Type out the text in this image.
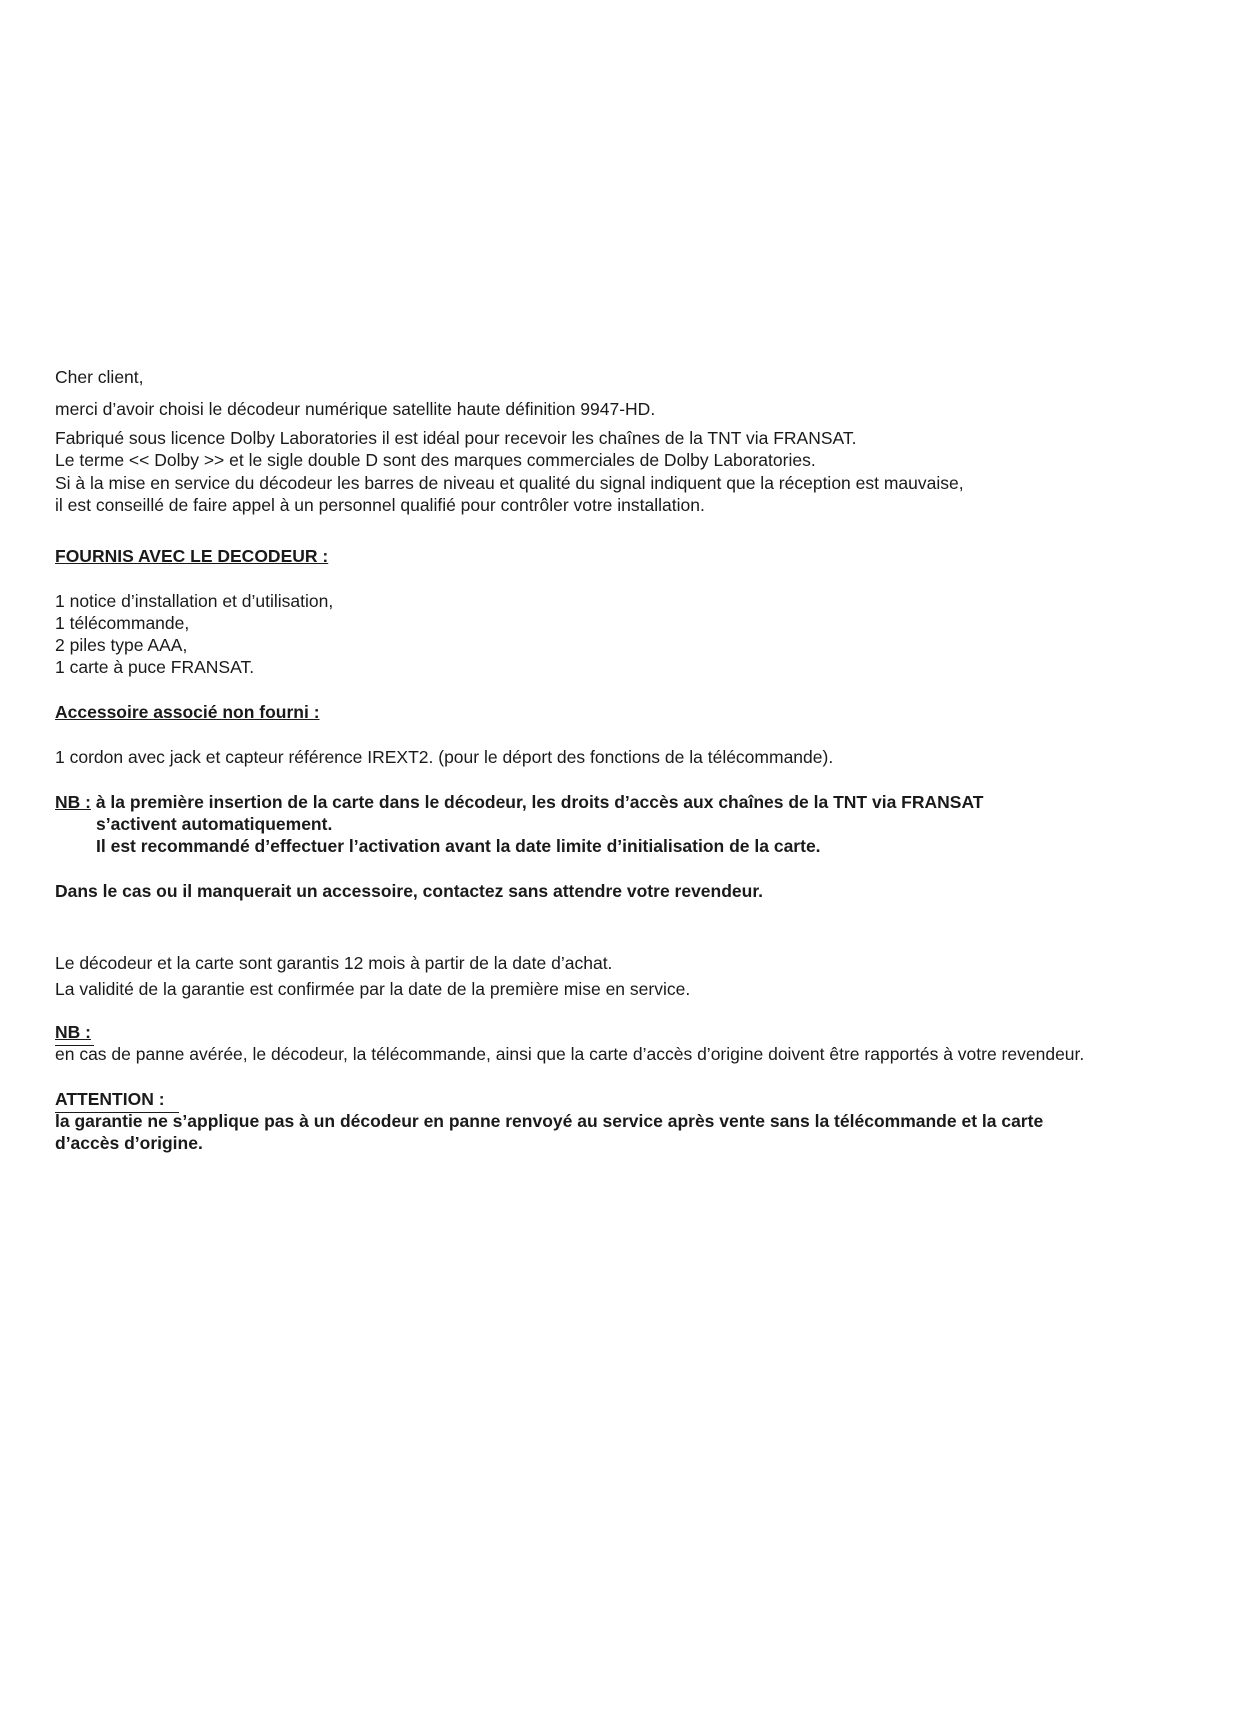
Cher client,
merci d’avoir choisi le décodeur numérique satellite haute définition 9947-HD.
Fabriqué sous licence Dolby Laboratories il est idéal pour recevoir les chaînes de la TNT via FRANSAT.
Le terme << Dolby >> et le sigle double D sont des marques commerciales de Dolby Laboratories.
Si à la mise en service du décodeur les barres de niveau et qualité du signal indiquent que la réception est mauvaise,
il est conseillé de faire appel à un personnel qualifié pour contrôler votre installation.
FOURNIS AVEC LE DECODEUR :
1 notice d’installation et d’utilisation,
1 télécommande,
2 piles type AAA,
1 carte à puce FRANSAT.
Accessoire associé non fourni :
1 cordon avec jack et capteur référence IREXT2. (pour le déport des fonctions de la télécommande).
NB : à la première insertion de la carte dans le décodeur, les droits d’accès aux chaînes de la TNT via FRANSAT
s’activent automatiquement.
Il est recommandé d’effectuer l’activation avant la date limite d’initialisation de la carte.
Dans le cas ou il manquerait un accessoire, contactez sans attendre votre revendeur.
Le décodeur et la carte sont garantis 12 mois à partir de la date d’achat.
La validité de la garantie est confirmée par la date de la première mise en service.
NB :
en cas de panne avérée, le décodeur, la télécommande, ainsi que la carte d’accès d’origine doivent être rapportés à votre revendeur.
ATTENTION :
la garantie ne s’applique pas à un décodeur en panne renvoyé au service après vente sans la télécommande et la carte
d’accès d’origine.
